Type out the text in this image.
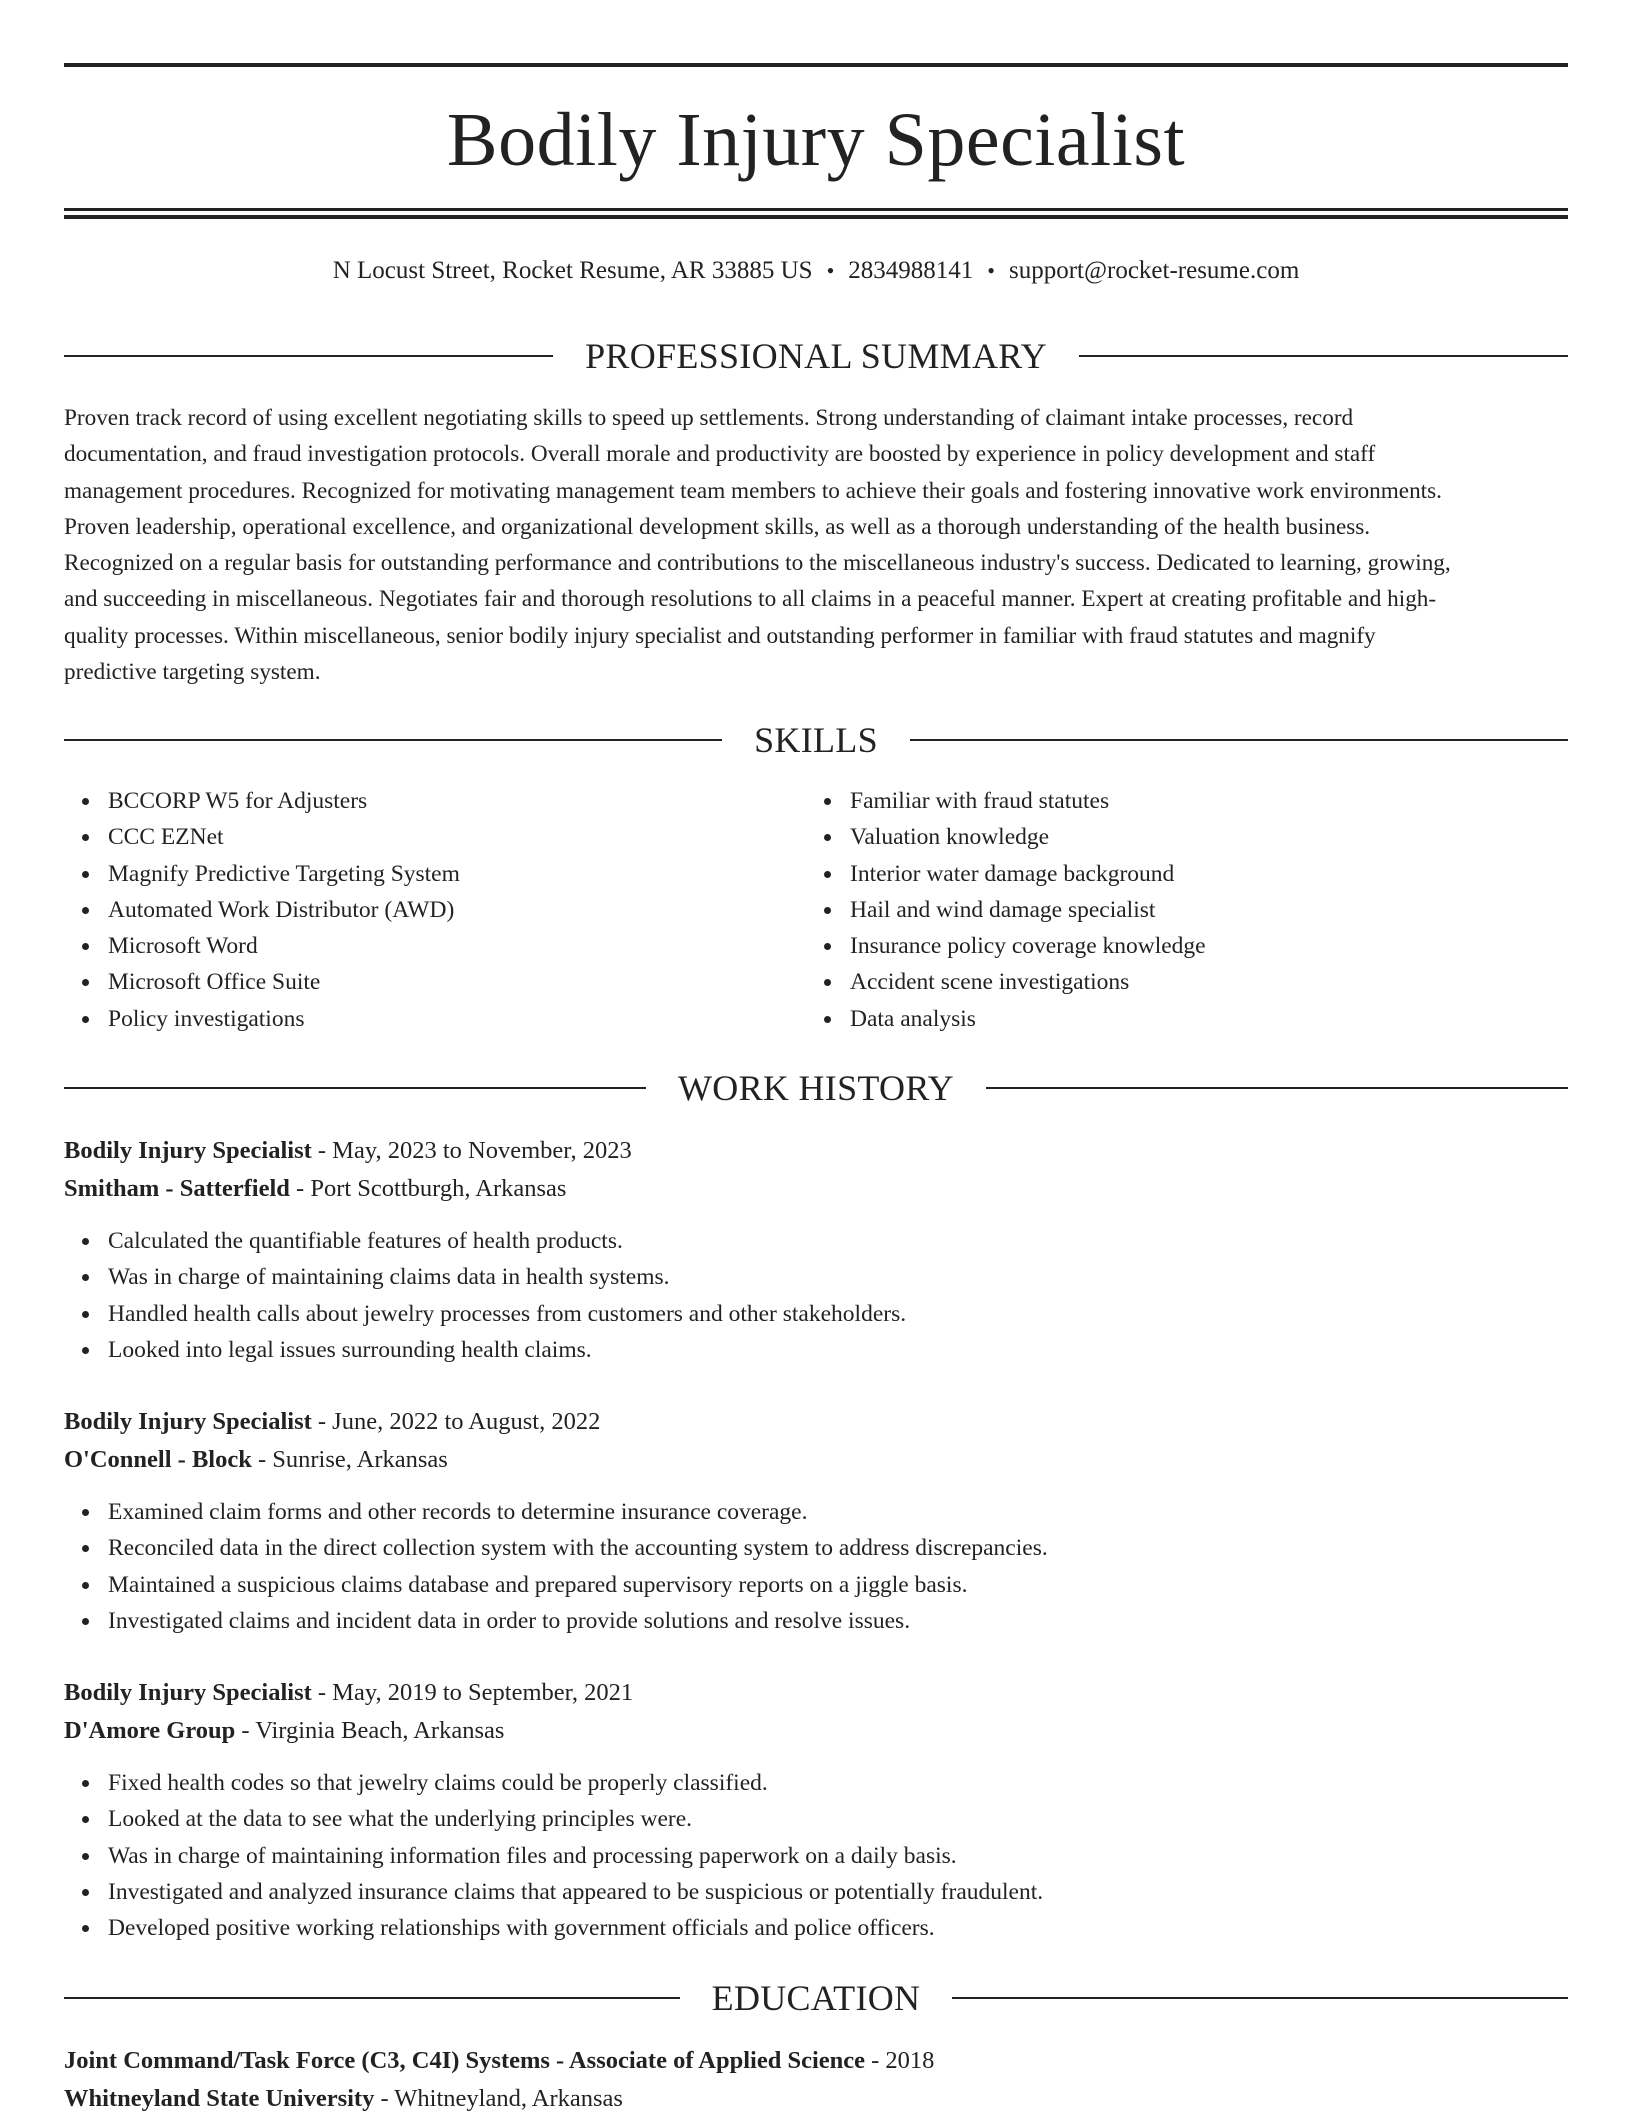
Bodily Injury Specialist
N Locust Street, Rocket Resume, AR 33885 US • 2834988141 • support@rocket-resume.com
PROFESSIONAL SUMMARY
Proven track record of using excellent negotiating skills to speed up settlements. Strong understanding of claimant intake processes, record
documentation, and fraud investigation protocols. Overall morale and productivity are boosted by experience in policy development and staff
management procedures. Recognized for motivating management team members to achieve their goals and fostering innovative work environments.
Proven leadership, operational excellence, and organizational development skills, as well as a thorough understanding of the health business.
Recognized on a regular basis for outstanding performance and contributions to the miscellaneous industry's success. Dedicated to learning, growing,
and succeeding in miscellaneous. Negotiates fair and thorough resolutions to all claims in a peaceful manner. Expert at creating profitable and high-
quality processes. Within miscellaneous, senior bodily injury specialist and outstanding performer in familiar with fraud statutes and magnify
predictive targeting system.
SKILLS
BCCORP W5 for Adjusters
CCC EZNet
Magnify Predictive Targeting System
Automated Work Distributor (AWD)
Microsoft Word
Microsoft Office Suite
Policy investigations
Familiar with fraud statutes
Valuation knowledge
Interior water damage background
Hail and wind damage specialist
Insurance policy coverage knowledge
Accident scene investigations
Data analysis
WORK HISTORY
Bodily Injury Specialist - May, 2023 to November, 2023
Smitham - Satterfield - Port Scottburgh, Arkansas
Calculated the quantifiable features of health products.
Was in charge of maintaining claims data in health systems.
Handled health calls about jewelry processes from customers and other stakeholders.
Looked into legal issues surrounding health claims.
Bodily Injury Specialist - June, 2022 to August, 2022
O'Connell - Block - Sunrise, Arkansas
Examined claim forms and other records to determine insurance coverage.
Reconciled data in the direct collection system with the accounting system to address discrepancies.
Maintained a suspicious claims database and prepared supervisory reports on a jiggle basis.
Investigated claims and incident data in order to provide solutions and resolve issues.
Bodily Injury Specialist - May, 2019 to September, 2021
D'Amore Group - Virginia Beach, Arkansas
Fixed health codes so that jewelry claims could be properly classified.
Looked at the data to see what the underlying principles were.
Was in charge of maintaining information files and processing paperwork on a daily basis.
Investigated and analyzed insurance claims that appeared to be suspicious or potentially fraudulent.
Developed positive working relationships with government officials and police officers.
EDUCATION
Joint Command/Task Force (C3, C4I) Systems - Associate of Applied Science - 2018
Whitneyland State University - Whitneyland, Arkansas
